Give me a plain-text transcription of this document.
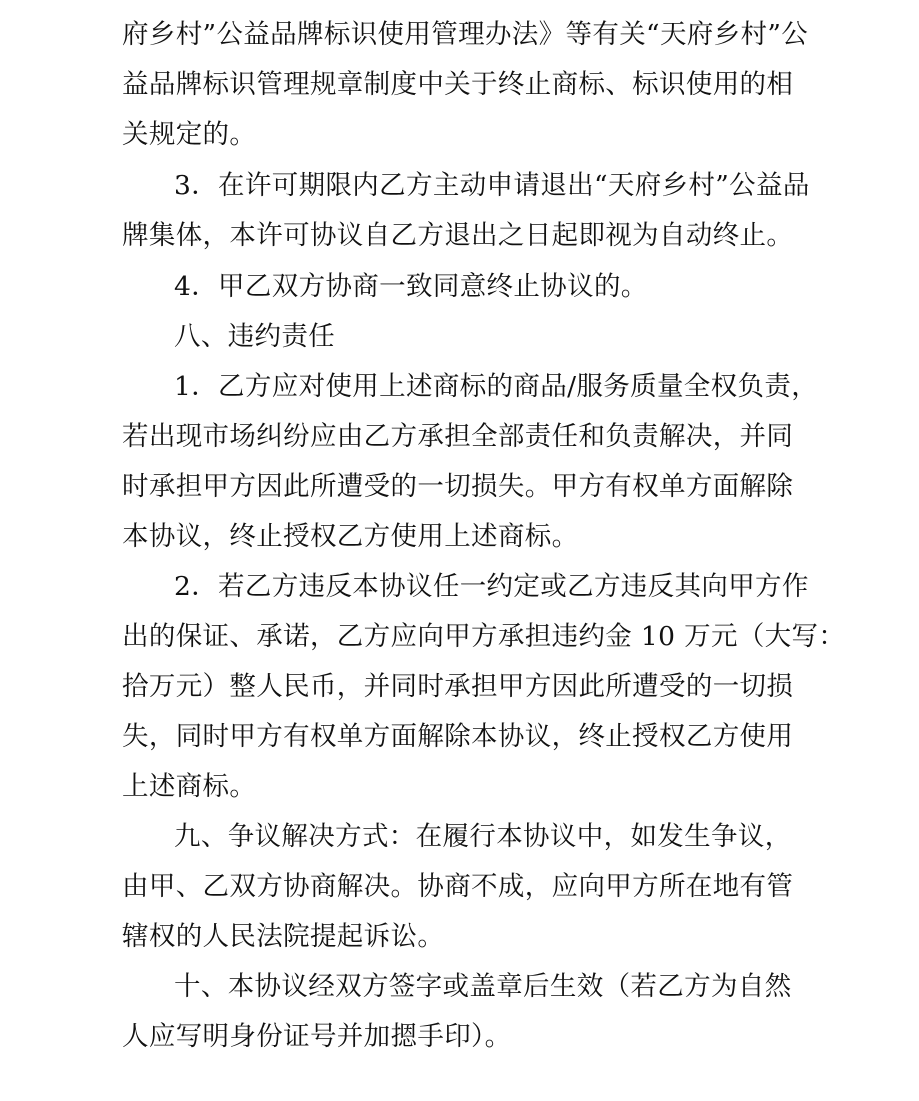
府乡村”公益品牌标识使用管理办法》等有关“天府乡村”公
益品牌标识管理规章制度中关于终止商标、标识使用的相
关规定的。
3．在许可期限内乙方主动申请退出“天府乡村”公益品
牌集体，本许可协议自乙方退出之日起即视为自动终止。
4．甲乙双方协商一致同意终止协议的。
八、违约责任
1．乙方应对使用上述商标的商品/服务质量全权负责，
若出现市场纠纷应由乙方承担全部责任和负责解决，并同
时承担甲方因此所遭受的一切损失。甲方有权单方面解除
本协议，终止授权乙方使用上述商标。
2．若乙方违反本协议任一约定或乙方违反其向甲方作
出的保证、承诺，乙方应向甲方承担违约金 10 万元（大写：
拾万元）整人民币，并同时承担甲方因此所遭受的一切损
失，同时甲方有权单方面解除本协议，终止授权乙方使用
上述商标。
九、争议解决方式：在履行本协议中，如发生争议，
由甲、乙双方协商解决。协商不成，应向甲方所在地有管
辖权的人民法院提起诉讼。
十、本协议经双方签字或盖章后生效（若乙方为自然
人应写明身份证号并加摁手印）。
